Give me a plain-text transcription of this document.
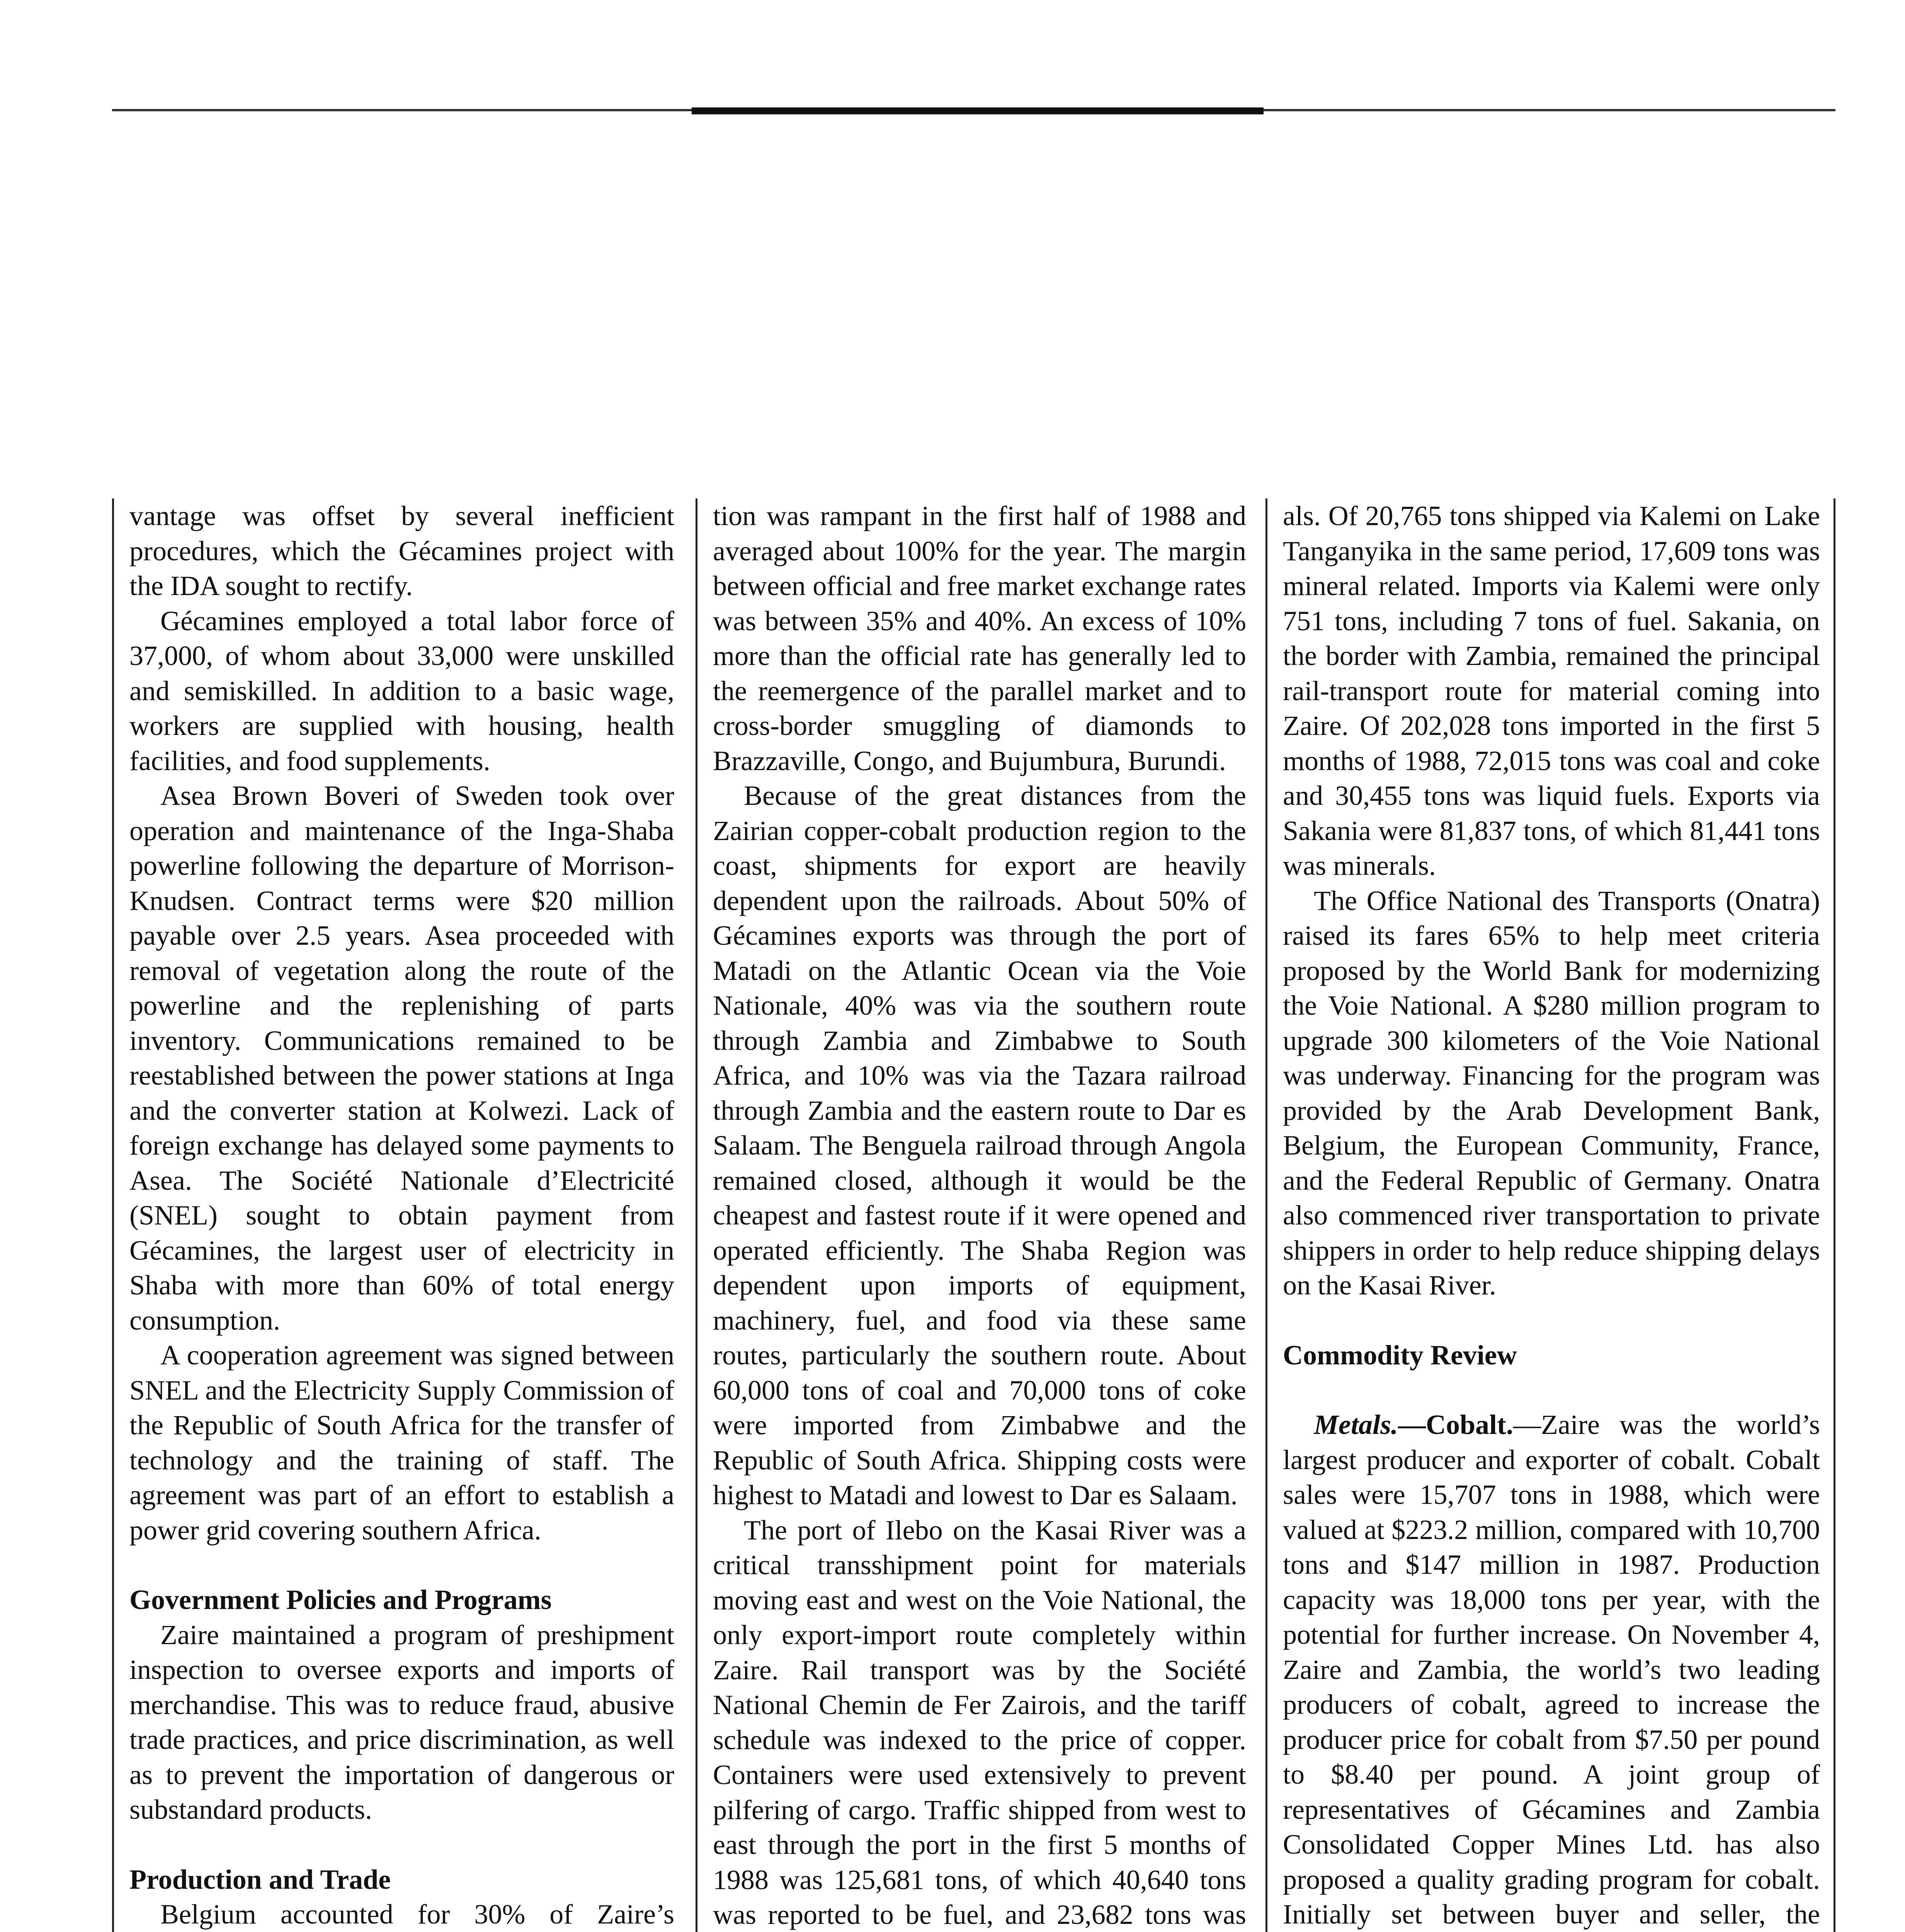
vantage was offset by several inefficient procedures, which the Gécamines project with the IDA sought to rectify.

Gécamines employed a total labor force of 37,000, of whom about 33,000 were unskilled and semiskilled. In addition to a basic wage, workers are supplied with housing, health facilities, and food supplements.

Asea Brown Boveri of Sweden took over operation and maintenance of the Inga-Shaba powerline following the departure of Morrison-Knudsen. Contract terms were $20 million payable over 2.5 years. Asea proceeded with removal of vegetation along the route of the powerline and the replenishing of parts inventory. Communications remained to be reestablished between the power stations at Inga and the converter station at Kolwezi. Lack of foreign exchange has delayed some payments to Asea. The Société Nationale d’Electricité (SNEL) sought to obtain payment from Gécamines, the largest user of electricity in Shaba with more than 60% of total energy consumption.

A cooperation agreement was signed between SNEL and the Electricity Supply Commission of the Republic of South Africa for the transfer of technology and the training of staff. The agreement was part of an effort to establish a power grid covering southern Africa.

Government Policies and Programs

Zaire maintained a program of preshipment inspection to oversee exports and imports of merchandise. This was to reduce fraud, abusive trade practices, and price discrimination, as well as to prevent the importation of dangerous or substandard products.

Production and Trade

Belgium accounted for 30% of Zaire’s

tion was rampant in the first half of 1988 and averaged about 100% for the year. The margin between official and free market exchange rates was between 35% and 40%. An excess of 10% more than the official rate has generally led to the reemergence of the parallel market and to cross-border smuggling of diamonds to Brazzaville, Congo, and Bujumbura, Burundi.

Because of the great distances from the Zairian copper-cobalt production region to the coast, shipments for export are heavily dependent upon the railroads. About 50% of Gécamines exports was through the port of Matadi on the Atlantic Ocean via the Voie Nationale, 40% was via the southern route through Zambia and Zimbabwe to South Africa, and 10% was via the Tazara railroad through Zambia and the eastern route to Dar es Salaam. The Benguela railroad through Angola remained closed, although it would be the cheapest and fastest route if it were opened and operated efficiently. The Shaba Region was dependent upon imports of equipment, machinery, fuel, and food via these same routes, particularly the southern route. About 60,000 tons of coal and 70,000 tons of coke were imported from Zimbabwe and the Republic of South Africa. Shipping costs were highest to Matadi and lowest to Dar es Salaam.

The port of Ilebo on the Kasai River was a critical transshipment point for materials moving east and west on the Voie National, the only export-import route completely within Zaire. Rail transport was by the Société National Chemin de Fer Zairois, and the tariff schedule was indexed to the price of copper. Containers were used extensively to prevent pilfering of cargo. Traffic shipped from west to east through the port in the first 5 months of 1988 was 125,681 tons, of which 40,640 tons was reported to be fuel, and 23,682 tons was

als. Of 20,765 tons shipped via Kalemi on Lake Tanganyika in the same period, 17,609 tons was mineral related. Imports via Kalemi were only 751 tons, including 7 tons of fuel. Sakania, on the border with Zambia, remained the principal rail-transport route for material coming into Zaire. Of 202,028 tons imported in the first 5 months of 1988, 72,015 tons was coal and coke and 30,455 tons was liquid fuels. Exports via Sakania were 81,837 tons, of which 81,441 tons was minerals.

The Office National des Transports (Onatra) raised its fares 65% to help meet criteria proposed by the World Bank for modernizing the Voie National. A $280 million program to upgrade 300 kilometers of the Voie National was underway. Financing for the program was provided by the Arab Development Bank, Belgium, the European Community, France, and the Federal Republic of Germany. Onatra also commenced river transportation to private shippers in order to help reduce shipping delays on the Kasai River.

Commodity Review

Metals.—Cobalt.—Zaire was the world’s largest producer and exporter of cobalt. Cobalt sales were 15,707 tons in 1988, which were valued at $223.2 million, compared with 10,700 tons and $147 million in 1987. Production capacity was 18,000 tons per year, with the potential for further increase. On November 4, Zaire and Zambia, the world’s two leading producers of cobalt, agreed to increase the producer price for cobalt from $7.50 per pound to $8.40 per pound. A joint group of representatives of Gécamines and Zambia Consolidated Copper Mines Ltd. has also proposed a quality grading program for cobalt. Initially set between buyer and seller, the
